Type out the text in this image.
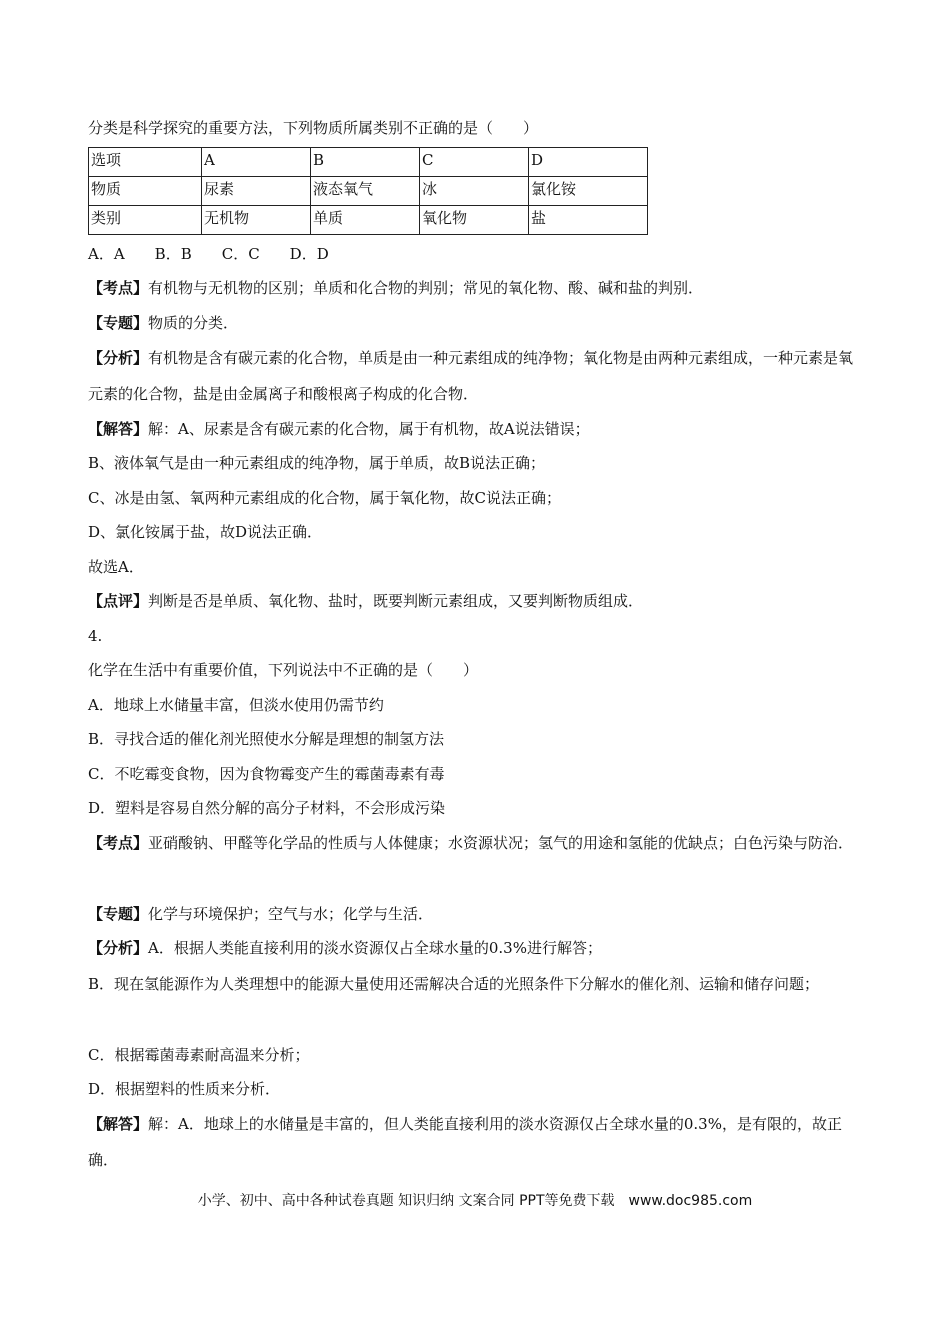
分类是科学探究的重要方法，下列物质所属类别不正确的是（　　）
选项	A	B	C	D
物质	尿素	液态氧气	冰	氯化铵
类别	无机物	单质	氧化物	盐
A．A　　B．B　　C．C　　D．D
【考点】有机物与无机物的区别；单质和化合物的判别；常见的氧化物、酸、碱和盐的判别．
【专题】物质的分类．
【分析】有机物是含有碳元素的化合物，单质是由一种元素组成的纯净物；氧化物是由两种元素组成，一种元素是氧元素的化合物，盐是由金属离子和酸根离子构成的化合物．
【解答】解：A、尿素是含有碳元素的化合物，属于有机物，故A说法错误；
B、液体氧气是由一种元素组成的纯净物，属于单质，故B说法正确；
C、冰是由氢、氧两种元素组成的化合物，属于氧化物，故C说法正确；
D、氯化铵属于盐，故D说法正确．
故选A．
【点评】判断是否是单质、氧化物、盐时，既要判断元素组成，又要判断物质组成．
4.
化学在生活中有重要价值，下列说法中不正确的是（　　）
A．地球上水储量丰富，但淡水使用仍需节约
B．寻找合适的催化剂光照使水分解是理想的制氢方法
C．不吃霉变食物，因为食物霉变产生的霉菌毒素有毒
D．塑料是容易自然分解的高分子材料，不会形成污染
【考点】亚硝酸钠、甲醛等化学品的性质与人体健康；水资源状况；氢气的用途和氢能的优缺点；白色污染与防治．
【专题】化学与环境保护；空气与水；化学与生活．
【分析】A．根据人类能直接利用的淡水资源仅占全球水量的0.3%进行解答；
B．现在氢能源作为人类理想中的能源大量使用还需解决合适的光照条件下分解水的催化剂、运输和储存问题；
C．根据霉菌毒素耐高温来分析；
D．根据塑料的性质来分析．
【解答】解：A．地球上的水储量是丰富的，但人类能直接利用的淡水资源仅占全球水量的0.3%，是有限的，故正确．
小学、初中、高中各种试卷真题 知识归纳 文案合同 PPT等免费下载　www.doc985.com
